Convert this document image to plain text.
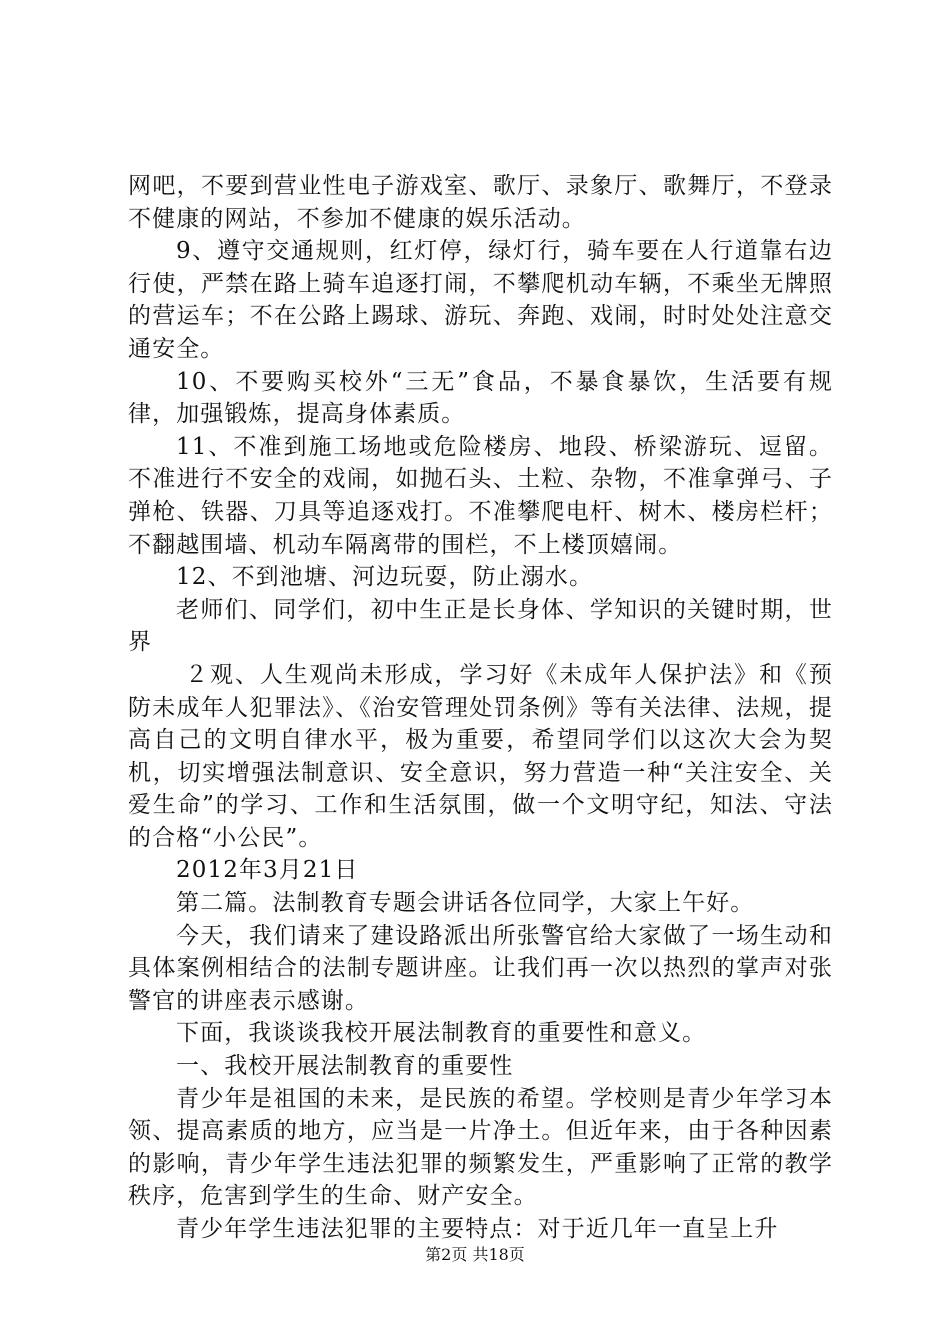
网吧，不要到营业性电子游戏室、歌厅、录象厅、歌舞厅，不登录不健康的网站，不参加不健康的娱乐活动。

9、遵守交通规则，红灯停，绿灯行，骑车要在人行道靠右边行使，严禁在路上骑车追逐打闹，不攀爬机动车辆，不乘坐无牌照的营运车；不在公路上踢球、游玩、奔跑、戏闹，时时处处注意交通安全。

10、不要购买校外“三无”食品，不暴食暴饮，生活要有规律，加强锻炼，提高身体素质。

11、不准到施工场地或危险楼房、地段、桥梁游玩、逗留。不准进行不安全的戏闹，如抛石头、土粒、杂物，不准拿弹弓、子弹枪、铁器、刀具等追逐戏打。不准攀爬电杆、树木、楼房栏杆；不翻越围墙、机动车隔离带的围栏，不上楼顶嬉闹。

12、不到池塘、河边玩耍，防止溺水。

老师们、同学们，初中生正是长身体、学知识的关键时期，世界

２观、人生观尚未形成，学习好《未成年人保护法》和《预防未成年人犯罪法》、《治安管理处罚条例》等有关法律、法规，提高自己的文明自律水平，极为重要，希望同学们以这次大会为契机，切实增强法制意识、安全意识，努力营造一种“关注安全、关爱生命”的学习、工作和生活氛围，做一个文明守纪，知法、守法的合格“小公民”。

2012年3月21日

第二篇。法制教育专题会讲话各位同学，大家上午好。

今天，我们请来了建设路派出所张警官给大家做了一场生动和具体案例相结合的法制专题讲座。让我们再一次以热烈的掌声对张警官的讲座表示感谢。

下面，我谈谈我校开展法制教育的重要性和意义。

一、我校开展法制教育的重要性

青少年是祖国的未来，是民族的希望。学校则是青少年学习本领、提高素质的地方，应当是一片净土。但近年来，由于各种因素的影响，青少年学生违法犯罪的频繁发生，严重影响了正常的教学秩序，危害到学生的生命、财产安全。

青少年学生违法犯罪的主要特点：对于近几年一直呈上升

第2页 共18页
